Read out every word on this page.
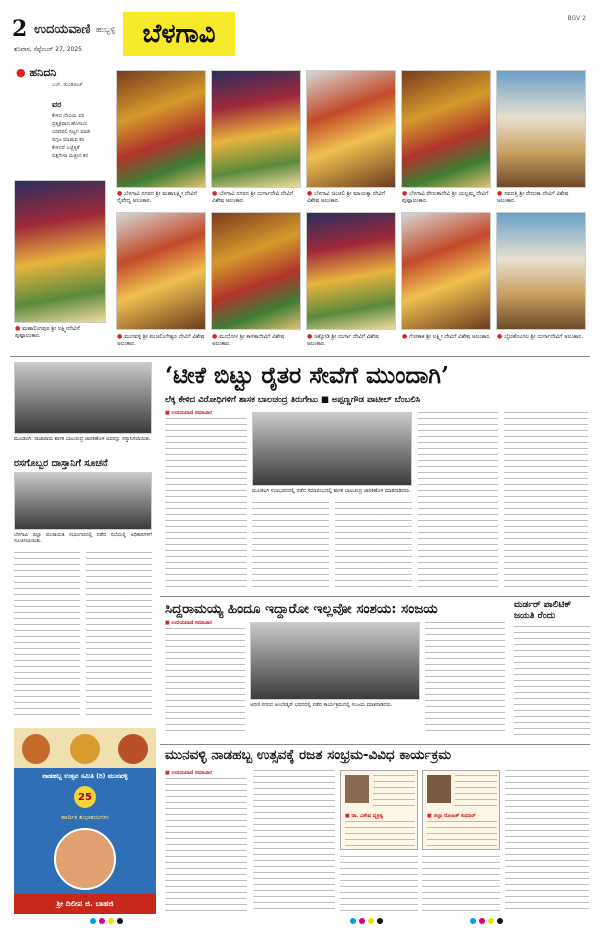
2 ಉದಯವಾಣಿ ಹುಬ್ಬಳ್ಳಿ
ಶನಿವಾರ, ಸೆಪ್ಟೆಂಬರ್ 27, 2025
ಬೆಳಗಾವಿ	BGV 2
● ಹನಿದನಿ
ಎಚ್. ಡುಂಡಿರಾಜ್
ವರ
ಕೇಳಿದ ದೇವಿಯ ವರ
ಪ್ರತ್ಯಕ್ಷವಾದ ಹೊಸಬರ
ಯಾರಿರಲಿ ಗಿಟ್ಟದ ಮಾಡಿ
ದಿಗ್ಗಜ ಮಾಡುವ ಕರ
ಕೇಳಿದರೆ ಎಚ್ಚೆತ್ತಿತೆ
ಪತ್ನಿಗೇಳಾ ಮತ್ತೀದ ಕರ
● ಬೆಳಗಾವಿ ನಗರದ ಶ್ರೀ ಮಹಾಲಕ್ಷ್ಮೀ ದೇವಿಗೆ ನೈವೇದ್ಯ ಅಲಂಕಾರ.
● ಬೆಳಗಾವಿ ನಗರದ ಶ್ರೀ ದುರ್ಗಾದೇವಿ ದೇವಿಗೆ ವಿಶೇಷ ಅಲಂಕಾರ.
● ಬೆಳಗಾವಿ ಚಿಂಚಲಿ ಶ್ರೀ ಮಾಯಕ್ಕಾ ದೇವಿಗೆ ವಿಶೇಷ ಅಲಂಕಾರ.
● ಬೆಳಗಾವಿ ರೇಣುಕಾದೇವಿ ಶ್ರೀ ಯಲ್ಲಮ್ಮ ದೇವಿಗೆ ಪುಷ್ಪಾಲಂಕಾರ.
● ಸವದತ್ತಿ ಶ್ರೀ ರೇಣುಕಾ ದೇವಿಗೆ ವಿಶೇಷ ಅಲಂಕಾರ.
● ಮಹಾಲಿಂಗಪುರ ಶ್ರೀ ಲಕ್ಷ್ಮೀದೇವಿಗೆ ಪುಷ್ಪಾಲಂಕಾರ.	● ಮುನವಳ್ಳಿ ಶ್ರೀ ಪಂಚಲಿಂಗೇಶ್ವರ ದೇವಿಗೆ ವಿಶೇಷ ಅಲಂಕಾರ.
● ಮುಧೋಳ ಶ್ರೀ ಕಾಳಿಕಾದೇವಿಗೆ ವಿಶೇಷ ಅಲಂಕಾರ.
● ಚಿಕ್ಕೋಡಿ ಶ್ರೀ ದುರ್ಗಾ ದೇವಿಗೆ ವಿಶೇಷ ಅಲಂಕಾರ.
● ಗೋಕಾಕ ಶ್ರೀ ಲಕ್ಷ್ಮೀ ದೇವಿಗೆ ವಿಶೇಷ ಅಲಂಕಾರ.	● ಬೈಲಹೊಂಗಲ ಶ್ರೀ ದುರ್ಗಾದೇವಿಗೆ ಅಲಂಕಾರ.
ಮೂಡಲಗಿ: ರಾಜಾರಾಮ ಶಾಸಕ ಬಾಲಚಂದ್ರ ಜಾರಕಿಹೊಳಿ ಅವರನ್ನು ಸನ್ಮಾನಿಸಲಾಯಿತು.
‘ಟೀಕೆ ಬಿಟ್ಟು ರೈತರ ಸೇವೆಗೆ ಮುಂದಾಗಿ’
ಲೆಕ್ಕ ಕೇಳಿದ ವಿರೋಧಿಗಳಿಗೆ ಶಾಸಕ ಬಾಲಚಂದ್ರ ತಿರುಗೇಟು ■ ಅಪ್ಪಣ್ಣಗೌಡ ಪಾಟೀಲ್ ಬೆಂಬಲಿಸಿ
■ ಉದಯವಾಣಿ ಸಮಾಚಾರ
ಮೂಡಲಗಿ ಸಭಾಭವನದಲ್ಲಿ ನಡೆದ ಸಮಾರಂಭದಲ್ಲಿ ಶಾಸಕ ಬಾಲಚಂದ್ರ ಜಾರಕಿಹೊಳಿ ಮಾತನಾಡಿದರು.
ರಸಗೊಬ್ಬರ ದಾಸ್ತಾನಿಗೆ ಸೂಚನೆ
ಬೆಳಗಾವಿ ಜಿಲ್ಲಾ ಪಂಚಾಯತಿ ಸಭಾಂಗಣದಲ್ಲಿ ನಡೆದ ಸಭೆಯಲ್ಲಿ ಅಧಿಕಾರಿಗಳಿಗೆ ಸೂಚಿಸಲಾಯಿತು.
ಸಿದ್ದರಾಮಯ್ಯ ಹಿಂದೂ ಇದ್ದಾರೋ ಇಲ್ಲವೋ ಸಂಶಯ: ಸಂಜಯ
■ ಉದಯವಾಣಿ ಸಮಾಚಾರ
ಅಥಣಿ ನಗರದ ಅಂಬೇಡ್ಕರ್ ಭವನದಲ್ಲಿ ನಡೆದ ಕಾರ್ಯಕ್ರಮದಲ್ಲಿ ಸಂಜಯ ಮಾತನಾಡಿದರು.
ಮರ್ಡರ್ ಪಾಲಿಟಿಕ್ ಜಯತಿ ರೆಂದು
ನಾಡಹಬ್ಬ ಉತ್ಸವ ಸಮಿತಿ (ರಿ) ಮುನವಳ್ಳಿ
25
ಹಾರ್ದಿಕ ಶುಭಾಶಯಗಳು
ಶ್ರೀ ದಿಲೀಪ ಜಿ. ಬಾಹಜಿ
ಮುನವಳ್ಳಿ ನಾಡಹಬ್ಬ ಉತ್ಸವಕ್ಕೆ ರಜತ ಸಂಭ್ರಮ-ವಿವಿಧ ಕಾರ್ಯಕ್ರಮ
■ ಉದಯವಾಣಿ ಸಮಾಚಾರ
■ ಡಾ. ವಿಶೇಷ ವ್ಯಕ್ತಿತ್ವ	■ ಜಿಲ್ಲಾ ರೋಹಿತ್ ಕುಮಾರ್
